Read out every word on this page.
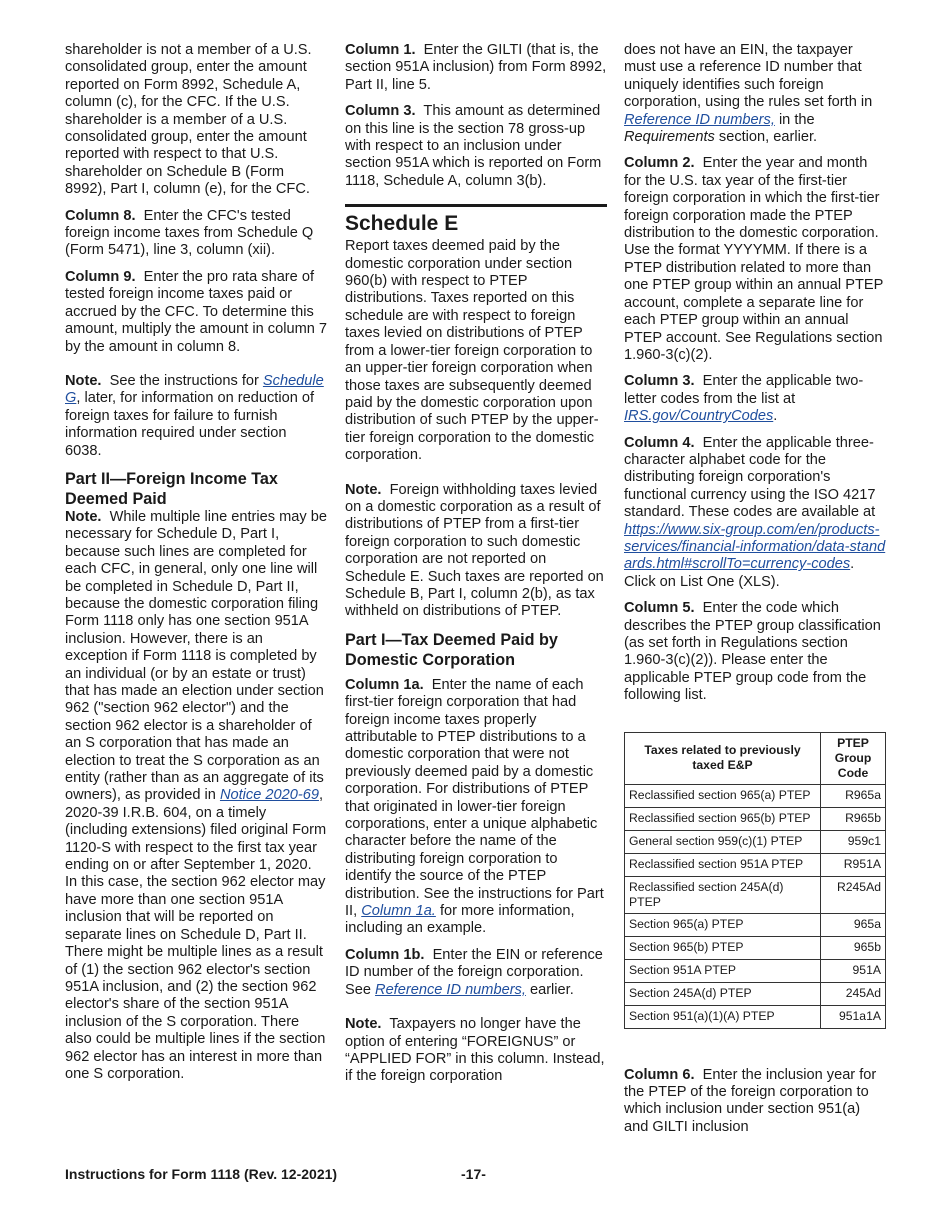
shareholder is not a member of a U.S. consolidated group, enter the amount reported on Form 8992, Schedule A, column (c), for the CFC. If the U.S. shareholder is a member of a U.S. consolidated group, enter the amount reported with respect to that U.S. shareholder on Schedule B (Form 8992), Part I, column (e), for the CFC.

Column 8. Enter the CFC's tested foreign income taxes from Schedule Q (Form 5471), line 3, column (xii).

Column 9. Enter the pro rata share of tested foreign income taxes paid or accrued by the CFC. To determine this amount, multiply the amount in column 7 by the amount in column 8.

Note. See the instructions for Schedule G, later, for information on reduction of foreign taxes for failure to furnish information required under section 6038.

Part II—Foreign Income Tax Deemed Paid

Note. While multiple line entries may be necessary for Schedule D, Part I, because such lines are completed for each CFC, in general, only one line will be completed in Schedule D, Part II, because the domestic corporation filing Form 1118 only has one section 951A inclusion. However, there is an exception if Form 1118 is completed by an individual (or by an estate or trust) that has made an election under section 962 ("section 962 elector") and the section 962 elector is a shareholder of an S corporation that has made an election to treat the S corporation as an entity (rather than as an aggregate of its owners), as provided in Notice 2020-69, 2020-39 I.R.B. 604, on a timely (including extensions) filed original Form 1120-S with respect to the first tax year ending on or after September 1, 2020. In this case, the section 962 elector may have more than one section 951A inclusion that will be reported on separate lines on Schedule D, Part II. There might be multiple lines as a result of (1) the section 962 elector's section 951A inclusion, and (2) the section 962 elector's share of the section 951A inclusion of the S corporation. There also could be multiple lines if the section 962 elector has an interest in more than one S corporation.

Column 1. Enter the GILTI (that is, the section 951A inclusion) from Form 8992, Part II, line 5.

Column 3. This amount as determined on this line is the section 78 gross-up with respect to an inclusion under section 951A which is reported on Form 1118, Schedule A, column 3(b).

Schedule E

Report taxes deemed paid by the domestic corporation under section 960(b) with respect to PTEP distributions. Taxes reported on this schedule are with respect to foreign taxes levied on distributions of PTEP from a lower-tier foreign corporation to an upper-tier foreign corporation when those taxes are subsequently deemed paid by the domestic corporation upon distribution of such PTEP by the upper-tier foreign corporation to the domestic corporation.

Note. Foreign withholding taxes levied on a domestic corporation as a result of distributions of PTEP from a first-tier foreign corporation to such domestic corporation are not reported on Schedule E. Such taxes are reported on Schedule B, Part I, column 2(b), as tax withheld on distributions of PTEP.

Part I—Tax Deemed Paid by Domestic Corporation

Column 1a. Enter the name of each first-tier foreign corporation that had foreign income taxes properly attributable to PTEP distributions to a domestic corporation that were not previously deemed paid by a domestic corporation. For distributions of PTEP that originated in lower-tier foreign corporations, enter a unique alphabetic character before the name of the distributing foreign corporation to identify the source of the PTEP distribution. See the instructions for Part II, Column 1a. for more information, including an example.

Column 1b. Enter the EIN or reference ID number of the foreign corporation. See Reference ID numbers, earlier.

Note. Taxpayers no longer have the option of entering “FOREIGNUS” or “APPLIED FOR” in this column. Instead, if the foreign corporation

does not have an EIN, the taxpayer must use a reference ID number that uniquely identifies such foreign corporation, using the rules set forth in Reference ID numbers, in the Requirements section, earlier.

Column 2. Enter the year and month for the U.S. tax year of the first-tier foreign corporation in which the first-tier foreign corporation made the PTEP distribution to the domestic corporation. Use the format YYYYMM. If there is a PTEP distribution related to more than one PTEP group within an annual PTEP account, complete a separate line for each PTEP group within an annual PTEP account. See Regulations section 1.960-3(c)(2).

Column 3. Enter the applicable two-letter codes from the list at IRS.gov/CountryCodes.

Column 4. Enter the applicable three-character alphabet code for the distributing foreign corporation's functional currency using the ISO 4217 standard. These codes are available at https://www.six-group.com/en/products-services/financial-information/data-standards.html#scrollTo=currency-codes. Click on List One (XLS).

Column 5. Enter the code which describes the PTEP group classification (as set forth in Regulations section 1.960-3(c)(2)). Please enter the applicable PTEP group code from the following list.

Taxes related to previously taxed E&P	PTEP Group Code
Reclassified section 965(a) PTEP	R965a
Reclassified section 965(b) PTEP	R965b
General section 959(c)(1) PTEP	959c1
Reclassified section 951A PTEP	R951A
Reclassified section 245A(d) PTEP	R245Ad
Section 965(a) PTEP	965a
Section 965(b) PTEP	965b
Section 951A PTEP	951A
Section 245A(d) PTEP	245Ad
Section 951(a)(1)(A) PTEP	951a1A

Column 6. Enter the inclusion year for the PTEP of the foreign corporation to which inclusion under section 951(a) and GILTI inclusion

Instructions for Form 1118 (Rev. 12-2021)	-17-
